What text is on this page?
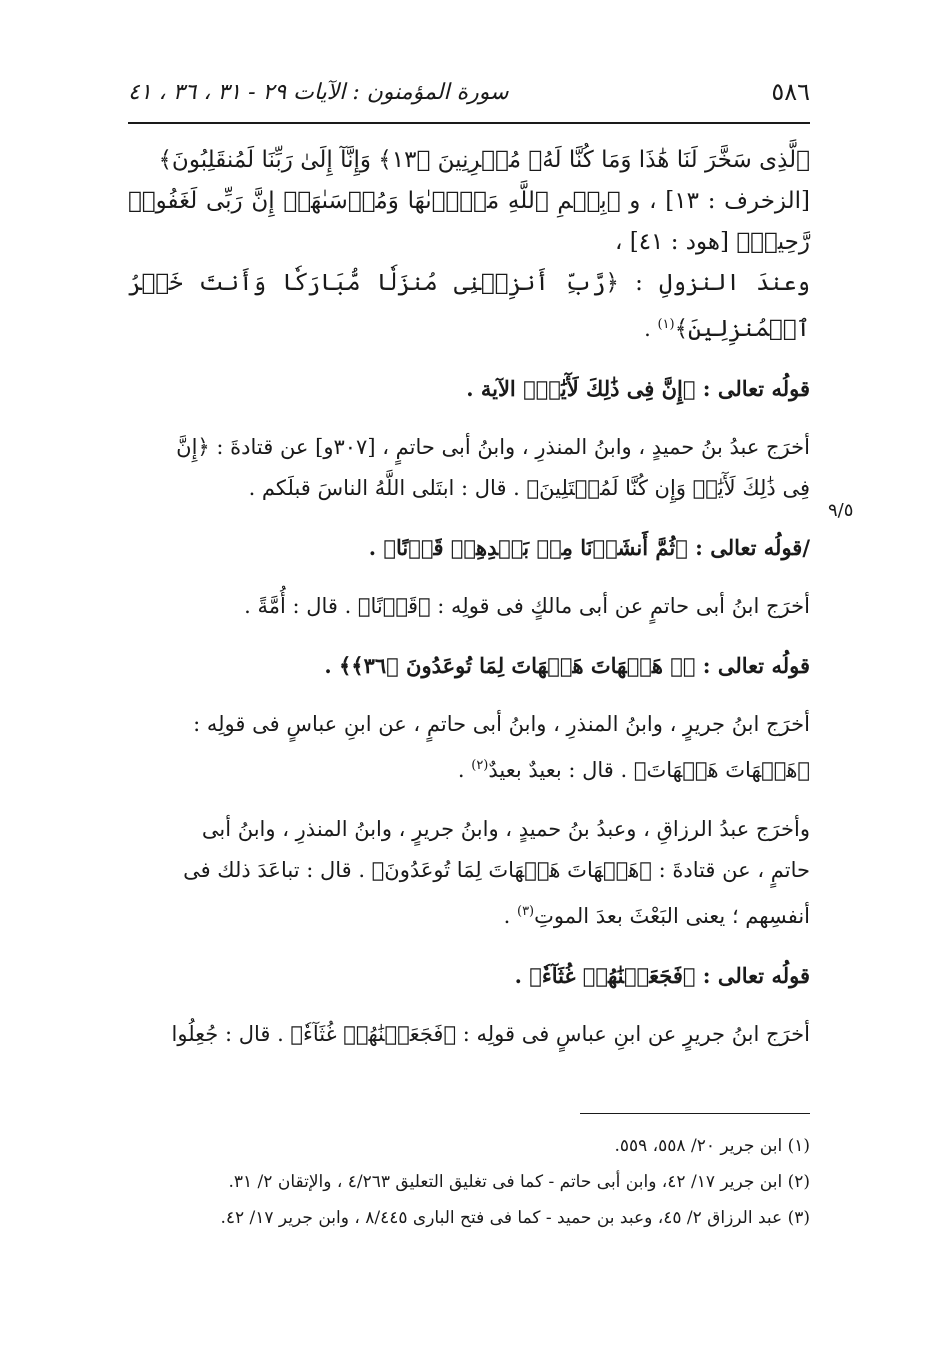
٥٨٦
سورة المؤمنون : الآيات ٢٩ - ٣١ ، ٣٦ ، ٤١
٩/٥

ٱلَّذِى سَخَّرَ لَنَا هَٰذَا وَمَا كُنَّا لَهُۥ مُقۡرِنِينَ ﴿١٣﴾ وَإِنَّآ إِلَىٰ رَبِّنَا لَمُنقَلِبُونَ﴾

[الزخرف : ١٣] ، و ﴿بِسۡمِ ٱللَّهِ مَجۡر۪ىٰهَا وَمُرۡسَىٰهَآۚ إِنَّ رَبِّى لَغَفُورٞ رَّحِيمٞ﴾ [هود : ٤١] ،

وعندَ النزولِ : ﴿رَّبِّ أَنزِلۡنِى مُنزَلٗا مُّبَارَكٗا وَأَنتَ خَيۡرُ ٱلۡمُنزِلِينَ﴾$^{(١)}$ .

قولُه تعالى : ﴿إِنَّ فِى ذَٰلِكَ لَأٓيَٰتٖ﴾ الآية .

أخرَج عبدُ بنُ حميدٍ ، وابنُ المنذرِ ، وابنُ أبى حاتمٍ ، [٣٠٧و] عن قتادةَ : ﴿إِنَّ

فِى ذَٰلِكَ لَأٓيَٰتٖ وَإِن كُنَّا لَمُبۡتَلِينَ﴾ . قال : ابتَلى اللَّهُ الناسَ قبلَكم .

/قولُه تعالى : ﴿ثُمَّ أَنشَأۡنَا مِنۢ بَعۡدِهِمۡ قَرۡنًا﴾ .

أخرَج ابنُ أبى حاتمٍ عن أبى مالكٍ فى قولِه : ﴿قَرۡنًا﴾ . قال : أُمَّةً .

قولُه تعالى : ﴿۞ هَيۡهَاتَ هَيۡهَاتَ لِمَا تُوعَدُونَ ﴿٣٦﴾﴾ .

أخرَج ابنُ جريرٍ ، وابنُ المنذرِ ، وابنُ أبى حاتمٍ ، عن ابنِ عباسٍ فى قولِه :

﴿هَيۡهَاتَ هَيۡهَاتَ﴾ . قال : بعيدٌ بعيدٌ$^{(٢)}$ .

وأخرَج عبدُ الرزاقِ ، وعبدُ بنُ حميدٍ ، وابنُ جريرٍ ، وابنُ المنذرِ ، وابنُ أبى

حاتمٍ ، عن قتادةَ : ﴿هَيۡهَاتَ هَيۡهَاتَ لِمَا تُوعَدُونَ﴾ . قال : تباعَدَ ذلك فى

أنفسِهم ؛ يعنى البَعْثَ بعدَ الموتِ$^{(٣)}$ .

قولُه تعالى : ﴿فَجَعَلۡنَٰهُمۡ غُثَآءٗ﴾ .

أخرَج ابنُ جريرٍ عن ابنِ عباسٍ فى قولِه : ﴿فَجَعَلۡنَٰهُمۡ غُثَآءٗ﴾ . قال : جُعِلُوا

(١) ابن جرير ٢٠/ ٥٥٨، ٥٥٩.

(٢) ابن جرير ١٧/ ٤٢، وابن أبى حاتم - كما فى تغليق التعليق ٤/٢٦٣ ، والإتقان ٢/ ٣١.

(٣) عبد الرزاق ٢/ ٤٥، وعبد بن حميد - كما فى فتح البارى ٨/٤٤٥ ، وابن جرير ١٧/ ٤٢.
